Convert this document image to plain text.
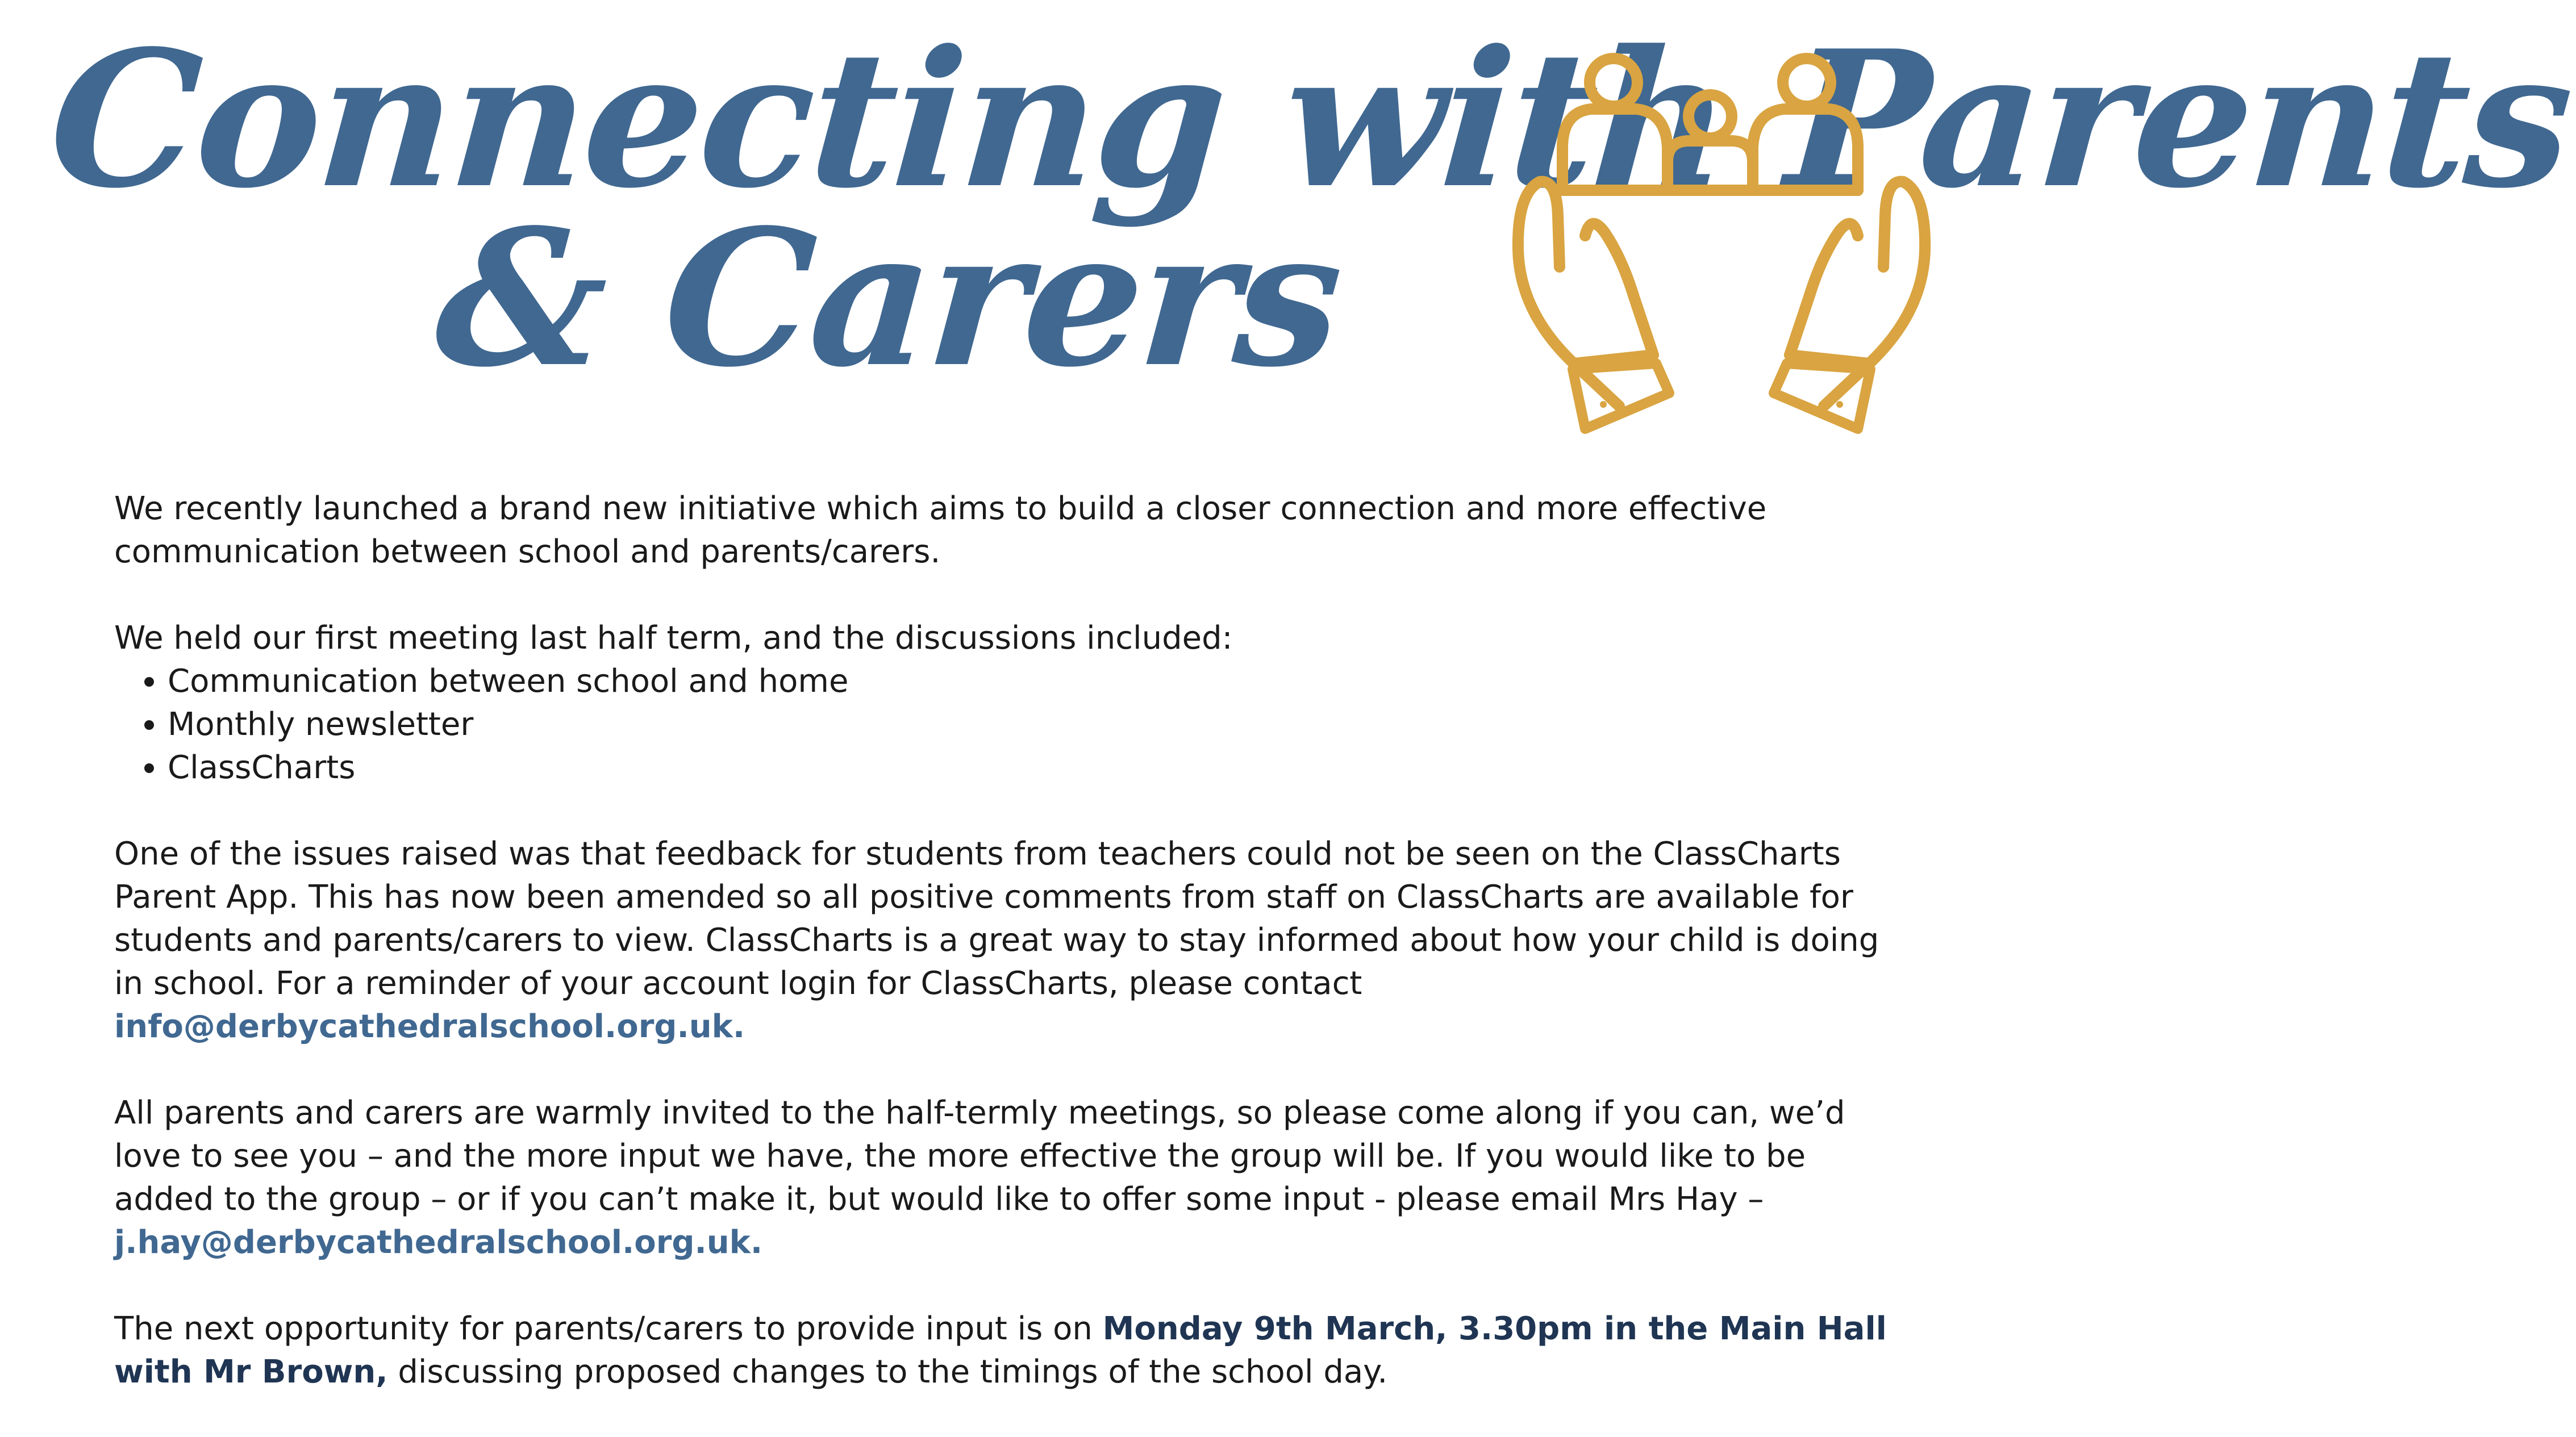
Connecting with Parents
& Carers

We recently launched a brand new initiative which aims to build a closer connection and more effective communication between school and parents/carers.

We held our first meeting last half term, and the discussions included:

• Communication between school and home
• Monthly newsletter
• ClassCharts

One of the issues raised was that feedback for students from teachers could not be seen on the ClassCharts Parent App. This has now been amended so all positive comments from staff on ClassCharts are available for students and parents/carers to view. ClassCharts is a great way to stay informed about how your child is doing in school. For a reminder of your account login for ClassCharts, please contact info@derbycathedralschool.org.uk.

All parents and carers are warmly invited to the half-termly meetings, so please come along if you can, we’d love to see you – and the more input we have, the more effective the group will be. If you would like to be added to the group – or if you can’t make it, but would like to offer some input - please email Mrs Hay –
j.hay@derbycathedralschool.org.uk.

The next opportunity for parents/carers to provide input is on Monday 9th March, 3.30pm in the Main Hall with Mr Brown, discussing proposed changes to the timings of the school day.
